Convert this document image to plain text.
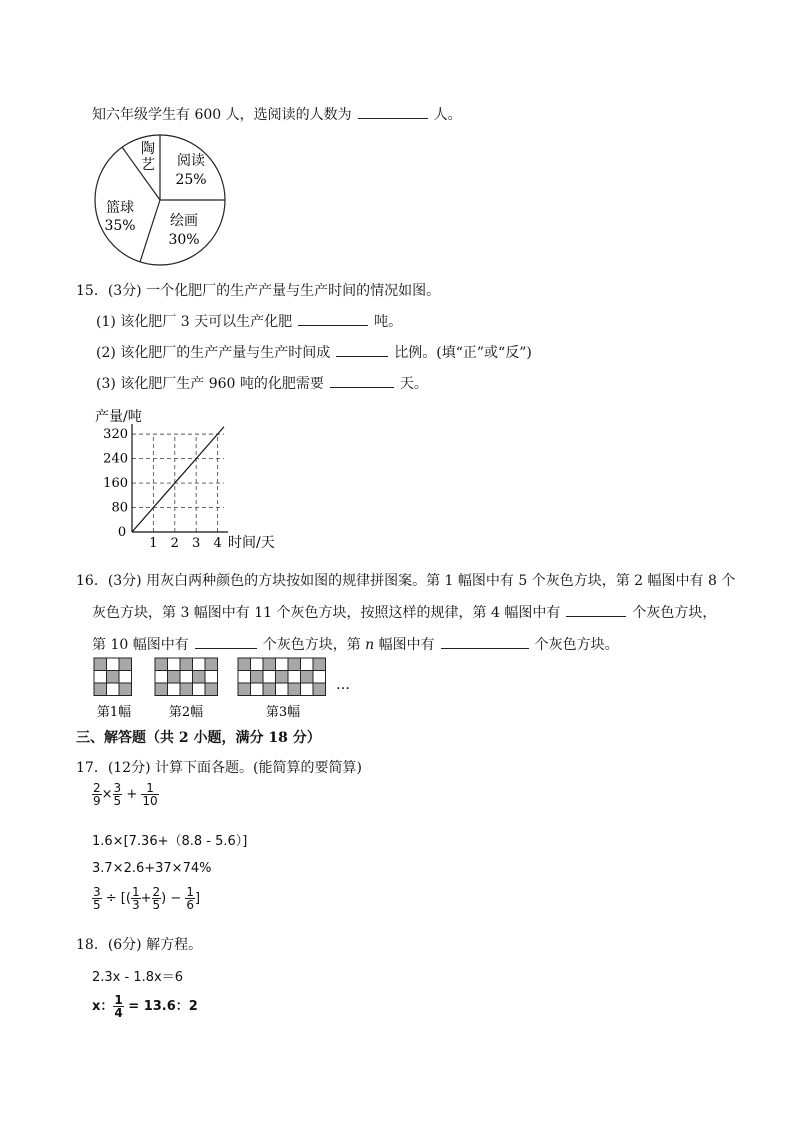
知六年级学生有 600 人，选阅读的人数为	人。
阅读
25%
绘画
30%
篮球
35%
陶
艺
15．(3分) 一个化肥厂的生产产量与生产时间的情况如图。
(1) 该化肥厂 3 天可以生产化肥	吨。
(2) 该化肥厂的生产产量与生产时间成	比例。(填“正”或“反”)
(3) 该化肥厂生产 960 吨的化肥需要	天。
产量/吨
时间/天
0
1 2 3 4
80
160
240
320
16．(3分) 用灰白两种颜色的方块按如图的规律拼图案。第 1 幅图中有 5 个灰色方块，第 2 幅图中有 8 个
灰色方块，第 3 幅图中有 11 个灰色方块，按照这样的规律，第 4 幅图中有	个灰色方块，
第 10 幅图中有	个灰色方块，第 n 幅图中有	个灰色方块。
第1幅	第2幅	第3幅
…
三、解答题（共 2 小题，满分 18 分）
17．(12分) 计算下面各题。(能简算的要简算)
$\frac{2}{9} \times \frac{3}{5} + \frac{1}{10}$
1.6×[7.36+（8.8 - 5.6）]
3.7×2.6+37×74%
$\frac{3}{5}$ ÷ [( $\frac{1}{3} + \frac{2}{5}$ ) − $\frac{1}{6}$ ]
18．(6分) 解方程。
2.3x - 1.8x＝6
x： $\frac{1}{4} = 13.6$：2
